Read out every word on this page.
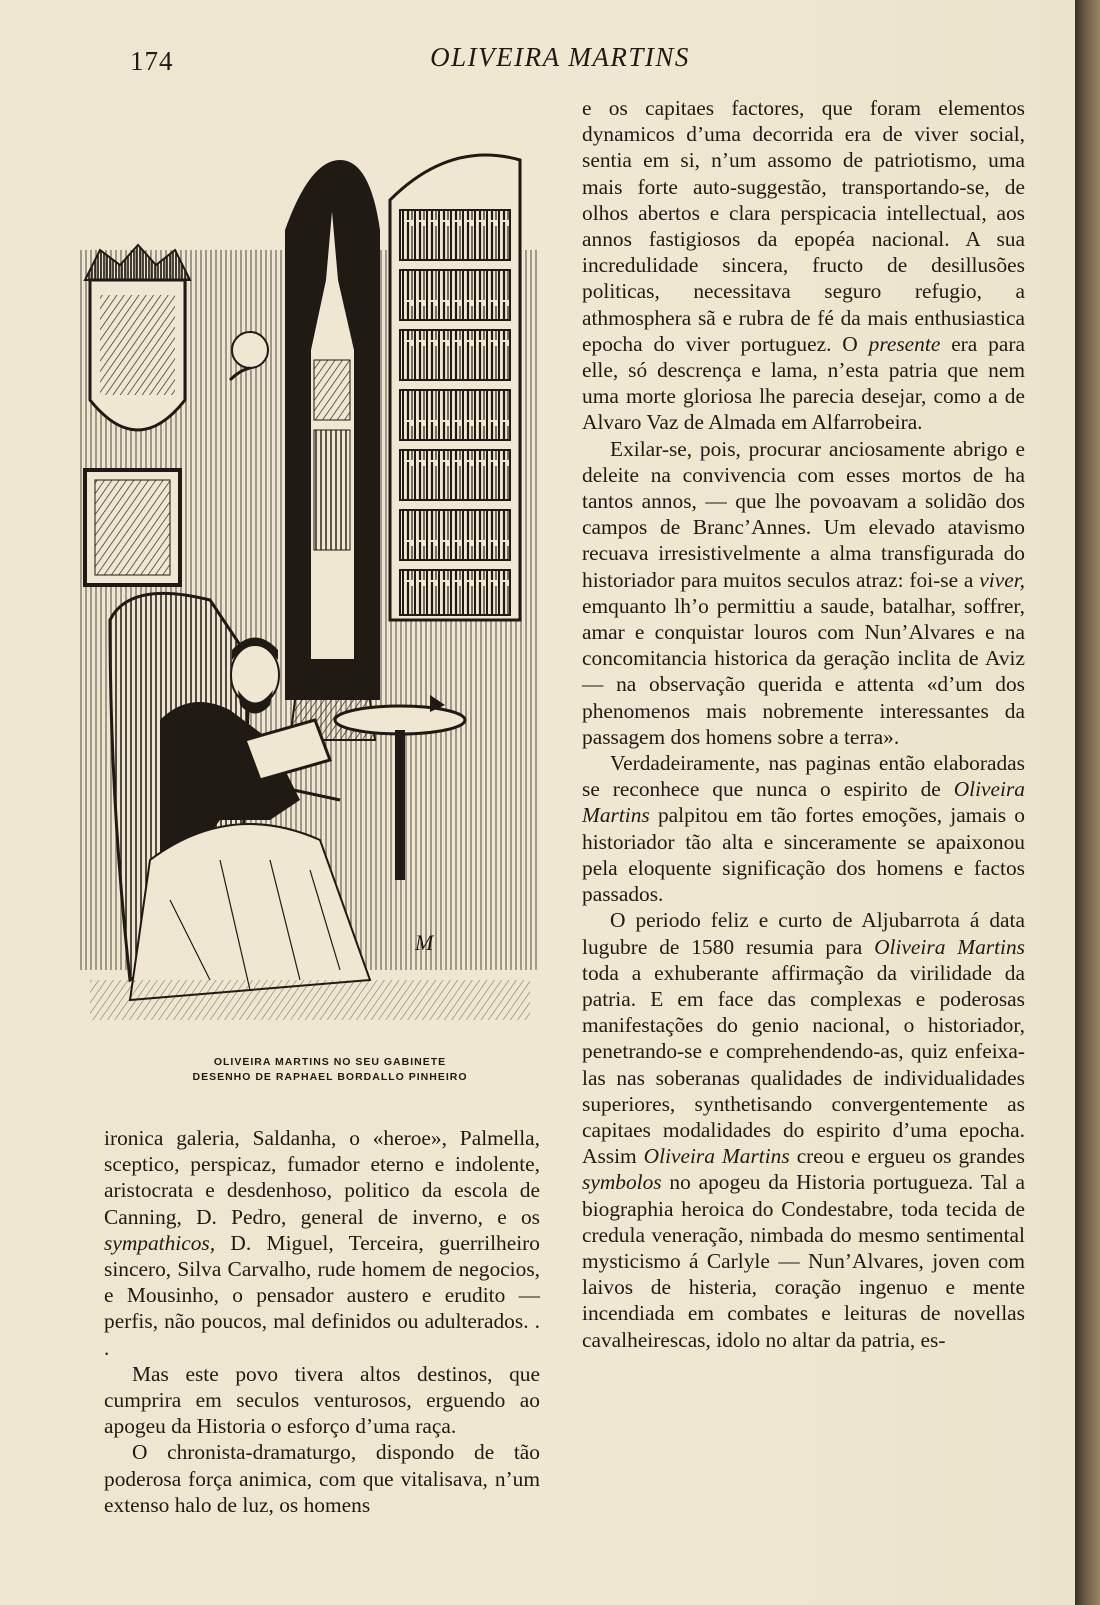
174	OLIVEIRA MARTINS
M
OLIVEIRA MARTINS NO SEU GABINETE
DESENHO DE RAPHAEL BORDALLO PINHEIRO

ironica galeria, Saldanha, o «heroe», Palmella, sceptico, perspicaz, fumador eterno e indolente, aristocrata e desdenhoso, politico da escola de Canning, D. Pedro, general de inverno, e os sympathicos, D. Miguel, Terceira, guerrilheiro sincero, Silva Carvalho, rude homem de negocios, e Mousinho, o pensador austero e erudito — perfis, não poucos, mal definidos ou adulterados. . .

Mas este povo tivera altos destinos, que cumprira em seculos venturosos, erguendo ao apogeu da Historia o esforço d’uma raça.

O chronista-dramaturgo, dispondo de tão poderosa força animica, com que vitalisava, n’um extenso halo de luz, os homens

e os capitaes factores, que foram elementos dynamicos d’uma decorrida era de viver social, sentia em si, n’um assomo de patriotismo, uma mais forte auto-suggestão, transportando-se, de olhos abertos e clara perspicacia intellectual, aos annos fastigiosos da epopéa nacional. A sua incredulidade sincera, fructo de desillusões politicas, necessitava seguro refugio, a athmosphera sã e rubra de fé da mais enthusiastica epocha do viver portuguez. O presente era para elle, só descrença e lama, n’esta patria que nem uma morte gloriosa lhe parecia desejar, como a de Alvaro Vaz de Almada em Alfarrobeira.

Exilar-se, pois, procurar anciosamente abrigo e deleite na convivencia com esses mortos de ha tantos annos, — que lhe povoavam a solidão dos campos de Branc’Annes. Um elevado atavismo recuava irresistivelmente a alma transfigurada do historiador para muitos seculos atraz: foi-se a viver, emquanto lh’o permittiu a saude, batalhar, soffrer, amar e conquistar louros com Nun’Alvares e na concomitancia historica da geração inclita de Aviz — na observação querida e attenta «d’um dos phenomenos mais nobremente interessantes da passagem dos homens sobre a terra».

Verdadeiramente, nas paginas então elaboradas se reconhece que nunca o espirito de Oliveira Martins palpitou em tão fortes emoções, jamais o historiador tão alta e sinceramente se apaixonou pela eloquente significação dos homens e factos passados.

O periodo feliz e curto de Aljubarrota á data lugubre de 1580 resumia para Oliveira Martins toda a exhuberante affirmação da virilidade da patria. E em face das complexas e poderosas manifestações do genio nacional, o historiador, penetrando-se e comprehendendo-as, quiz enfeixa-las nas soberanas qualidades de individualidades superiores, synthetisando convergentemente as capitaes modalidades do espirito d’uma epocha. Assim Oliveira Martins creou e ergueu os grandes symbolos no apogeu da Historia portugueza. Tal a biographia heroica do Condestabre, toda tecida de credula veneração, nimbada do mesmo sentimental mysticismo á Carlyle — Nun’Alvares, joven com laivos de histeria, coração ingenuo e mente incendiada em combates e leituras de novellas cavalheirescas, idolo no altar da patria, es-
